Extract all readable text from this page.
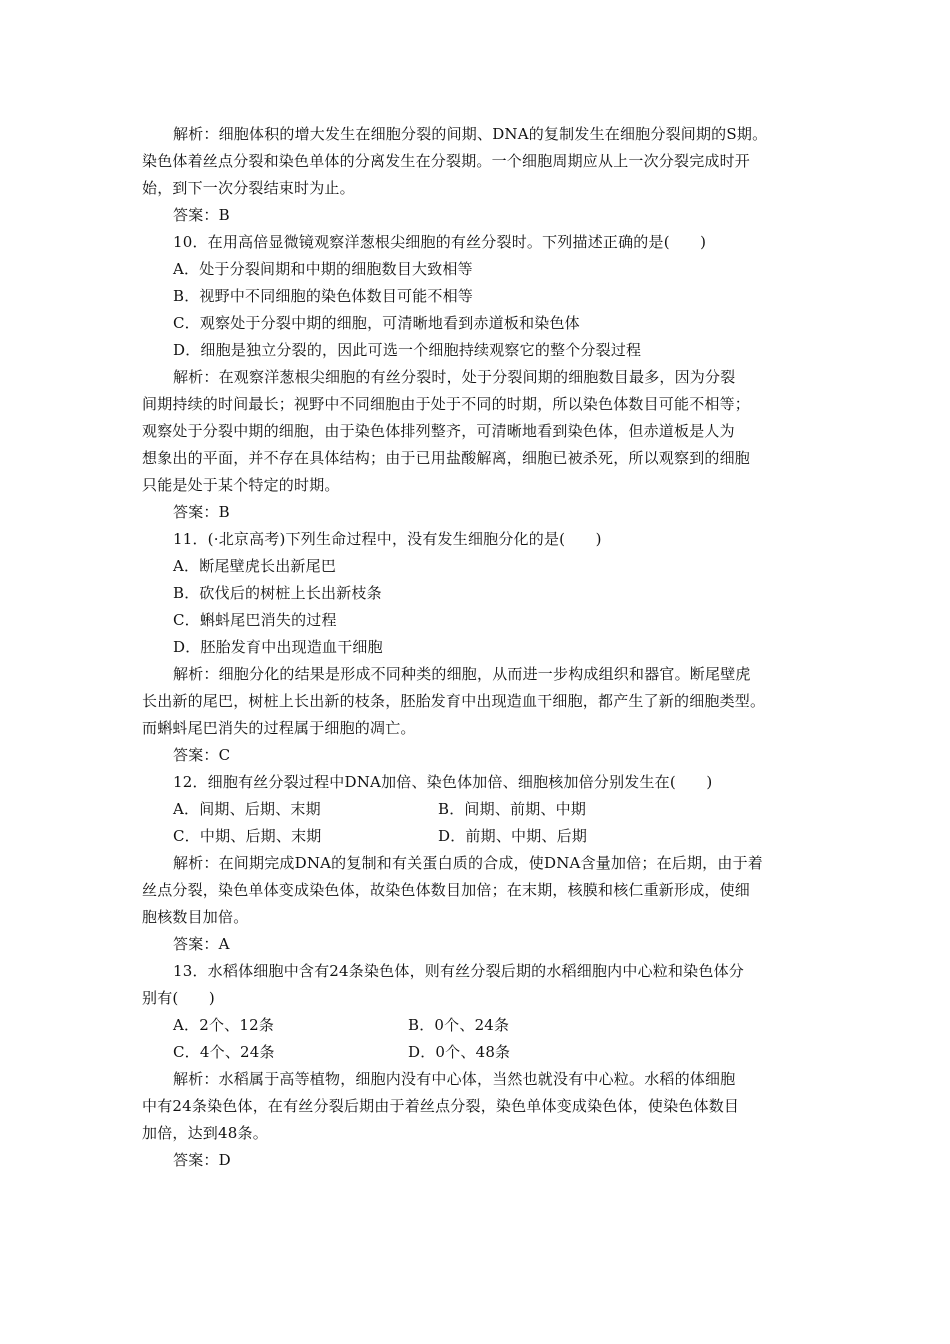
解析：细胞体积的增大发生在细胞分裂的间期、DNA的复制发生在细胞分裂间期的S期。
染色体着丝点分裂和染色单体的分离发生在分裂期。一个细胞周期应从上一次分裂完成时开
始，到下一次分裂结束时为止。
答案：B
10．在用高倍显微镜观察洋葱根尖细胞的有丝分裂时。下列描述正确的是(　　)
A．处于分裂间期和中期的细胞数目大致相等
B．视野中不同细胞的染色体数目可能不相等
C．观察处于分裂中期的细胞，可清晰地看到赤道板和染色体
D．细胞是独立分裂的，因此可选一个细胞持续观察它的整个分裂过程
解析：在观察洋葱根尖细胞的有丝分裂时，处于分裂间期的细胞数目最多，因为分裂
间期持续的时间最长；视野中不同细胞由于处于不同的时期，所以染色体数目可能不相等；
观察处于分裂中期的细胞，由于染色体排列整齐，可清晰地看到染色体，但赤道板是人为
想象出的平面，并不存在具体结构；由于已用盐酸解离，细胞已被杀死，所以观察到的细胞
只能是处于某个特定的时期。
答案：B
11．(·北京高考)下列生命过程中，没有发生细胞分化的是(　　)
A．断尾壁虎长出新尾巴
B．砍伐后的树桩上长出新枝条
C．蝌蚪尾巴消失的过程
D．胚胎发育中出现造血干细胞
解析：细胞分化的结果是形成不同种类的细胞，从而进一步构成组织和器官。断尾壁虎
长出新的尾巴，树桩上长出新的枝条，胚胎发育中出现造血干细胞，都产生了新的细胞类型。
而蝌蚪尾巴消失的过程属于细胞的凋亡。
答案：C
12．细胞有丝分裂过程中DNA加倍、染色体加倍、细胞核加倍分别发生在(　　)
A．间期、后期、末期	B．间期、前期、中期
C．中期、后期、末期	D．前期、中期、后期
解析：在间期完成DNA的复制和有关蛋白质的合成，使DNA含量加倍；在后期，由于着
丝点分裂，染色单体变成染色体，故染色体数目加倍；在末期，核膜和核仁重新形成，使细
胞核数目加倍。
答案：A
13．水稻体细胞中含有24条染色体，则有丝分裂后期的水稻细胞内中心粒和染色体分
别有(　　)
A．2个、12条	B．0个、24条
C．4个、24条	D．0个、48条
解析：水稻属于高等植物，细胞内没有中心体，当然也就没有中心粒。水稻的体细胞
中有24条染色体，在有丝分裂后期由于着丝点分裂，染色单体变成染色体，使染色体数目
加倍，达到48条。
答案：D
